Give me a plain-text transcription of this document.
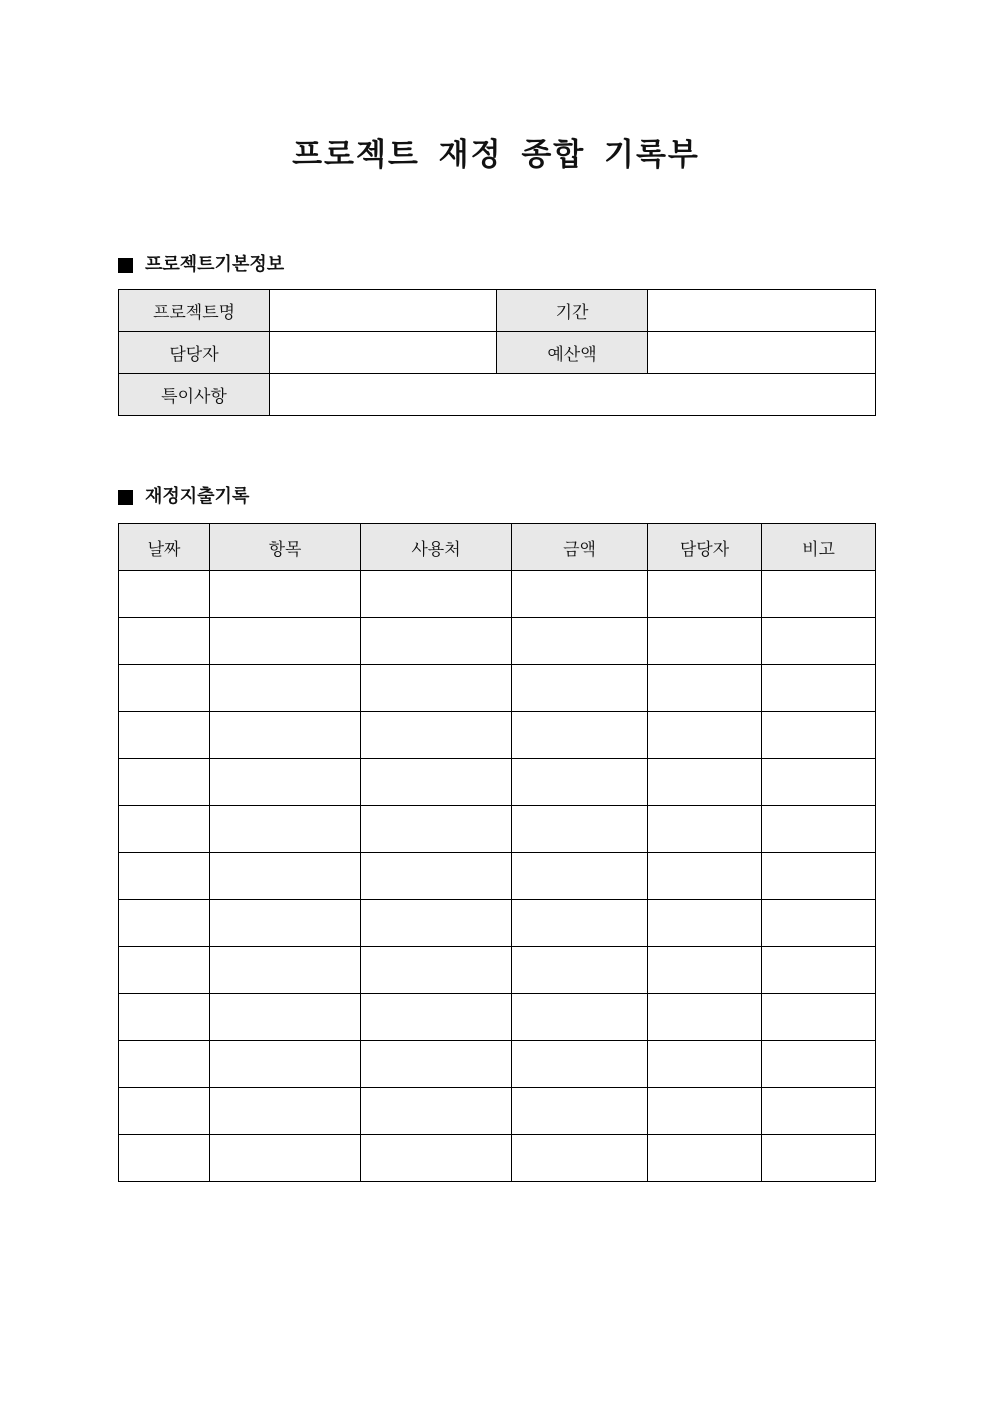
프로젝트 재정 종합 기록부
프로젝트기본정보
프로젝트명		기간	
담당자		예산액	
특이사항			
재정지출기록
날짜	항목	사용처	금액	담당자	비고
